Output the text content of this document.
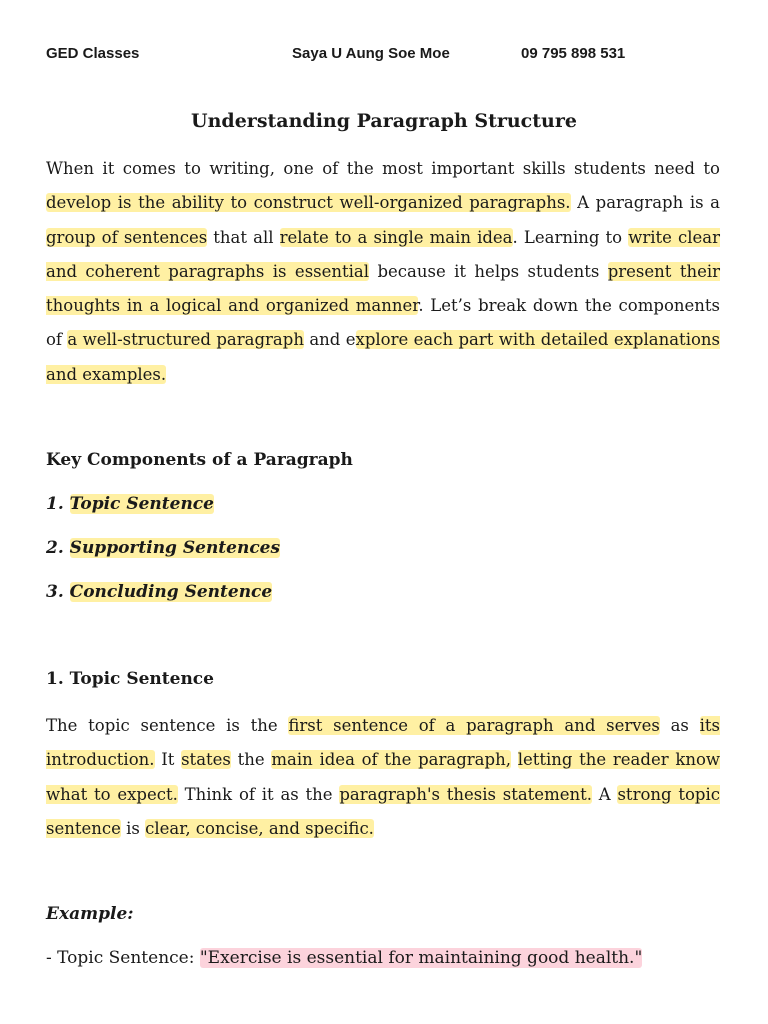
GED Classes	Saya U Aung Soe Moe	09 795 898 531
Understanding Paragraph Structure
When it comes to writing, one of the most important skills students need to develop is the ability to construct well-organized paragraphs. A paragraph is a group of sentences that all relate to a single main idea. Learning to write clear and coherent paragraphs is essential because it helps students present their thoughts in a logical and organized manner. Let’s break down the components of a well-structured paragraph and explore each part with detailed explanations and examples.
Key Components of a Paragraph
1. Topic Sentence
2. Supporting Sentences
3. Concluding Sentence
1. Topic Sentence
The topic sentence is the first sentence of a paragraph and serves as its introduction. It states the main idea of the paragraph, letting the reader know what to expect. Think of it as the paragraph's thesis statement. A strong topic sentence is clear, concise, and specific.
Example:
- Topic Sentence: "Exercise is essential for maintaining good health."
